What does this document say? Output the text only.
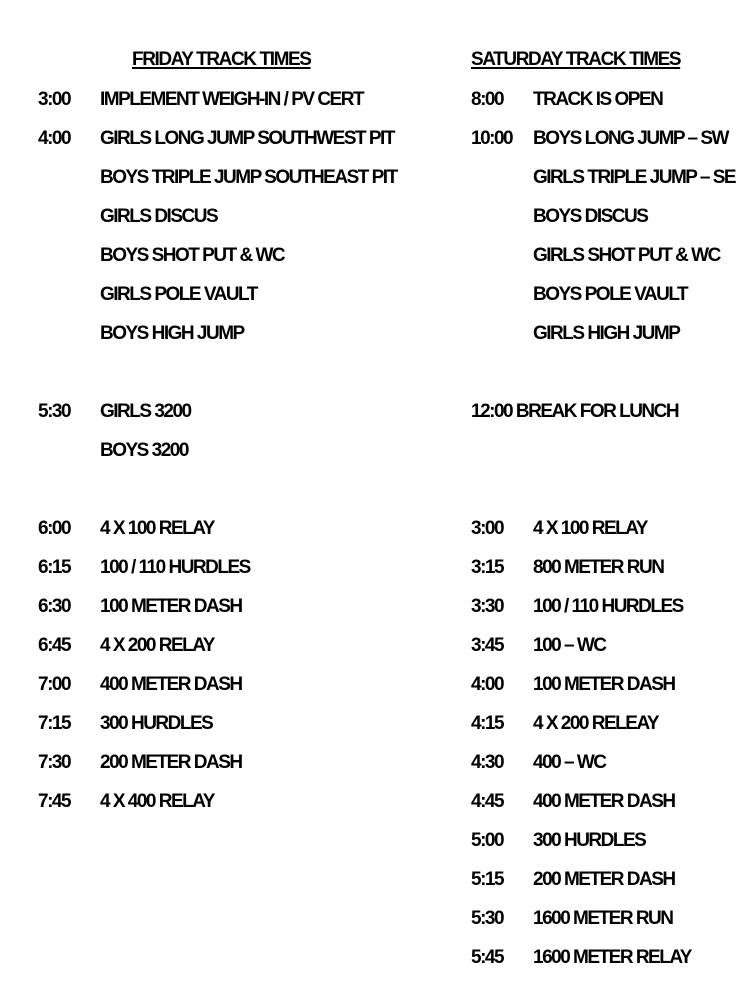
FRIDAY TRACK TIMES
3:00 IMPLEMENT WEIGH-IN / PV CERT
4:00 GIRLS LONG JUMP SOUTHWEST PIT
BOYS TRIPLE JUMP SOUTHEAST PIT
GIRLS DISCUS
BOYS SHOT PUT & WC
GIRLS POLE VAULT
BOYS HIGH JUMP
5:30 GIRLS 3200
BOYS 3200
6:00 4 X 100 RELAY
6:15 100 / 110 HURDLES
6:30 100 METER DASH
6:45 4 X 200 RELAY
7:00 400 METER DASH
7:15 300 HURDLES
7:30 200 METER DASH
7:45 4 X 400 RELAY
SATURDAY TRACK TIMES
8:00 TRACK IS OPEN
10:00 BOYS LONG JUMP – SW
GIRLS TRIPLE JUMP – SE
BOYS DISCUS
GIRLS SHOT PUT & WC
BOYS POLE VAULT
GIRLS HIGH JUMP
12:00 BREAK FOR LUNCH
3:00 4 X 100 RELAY
3:15 800 METER RUN
3:30 100 / 110 HURDLES
3:45 100 – WC
4:00 100 METER DASH
4:15 4 X 200 RELEAY
4:30 400 – WC
4:45 400 METER DASH
5:00 300 HURDLES
5:15 200 METER DASH
5:30 1600 METER RUN
5:45 1600 METER RELAY
